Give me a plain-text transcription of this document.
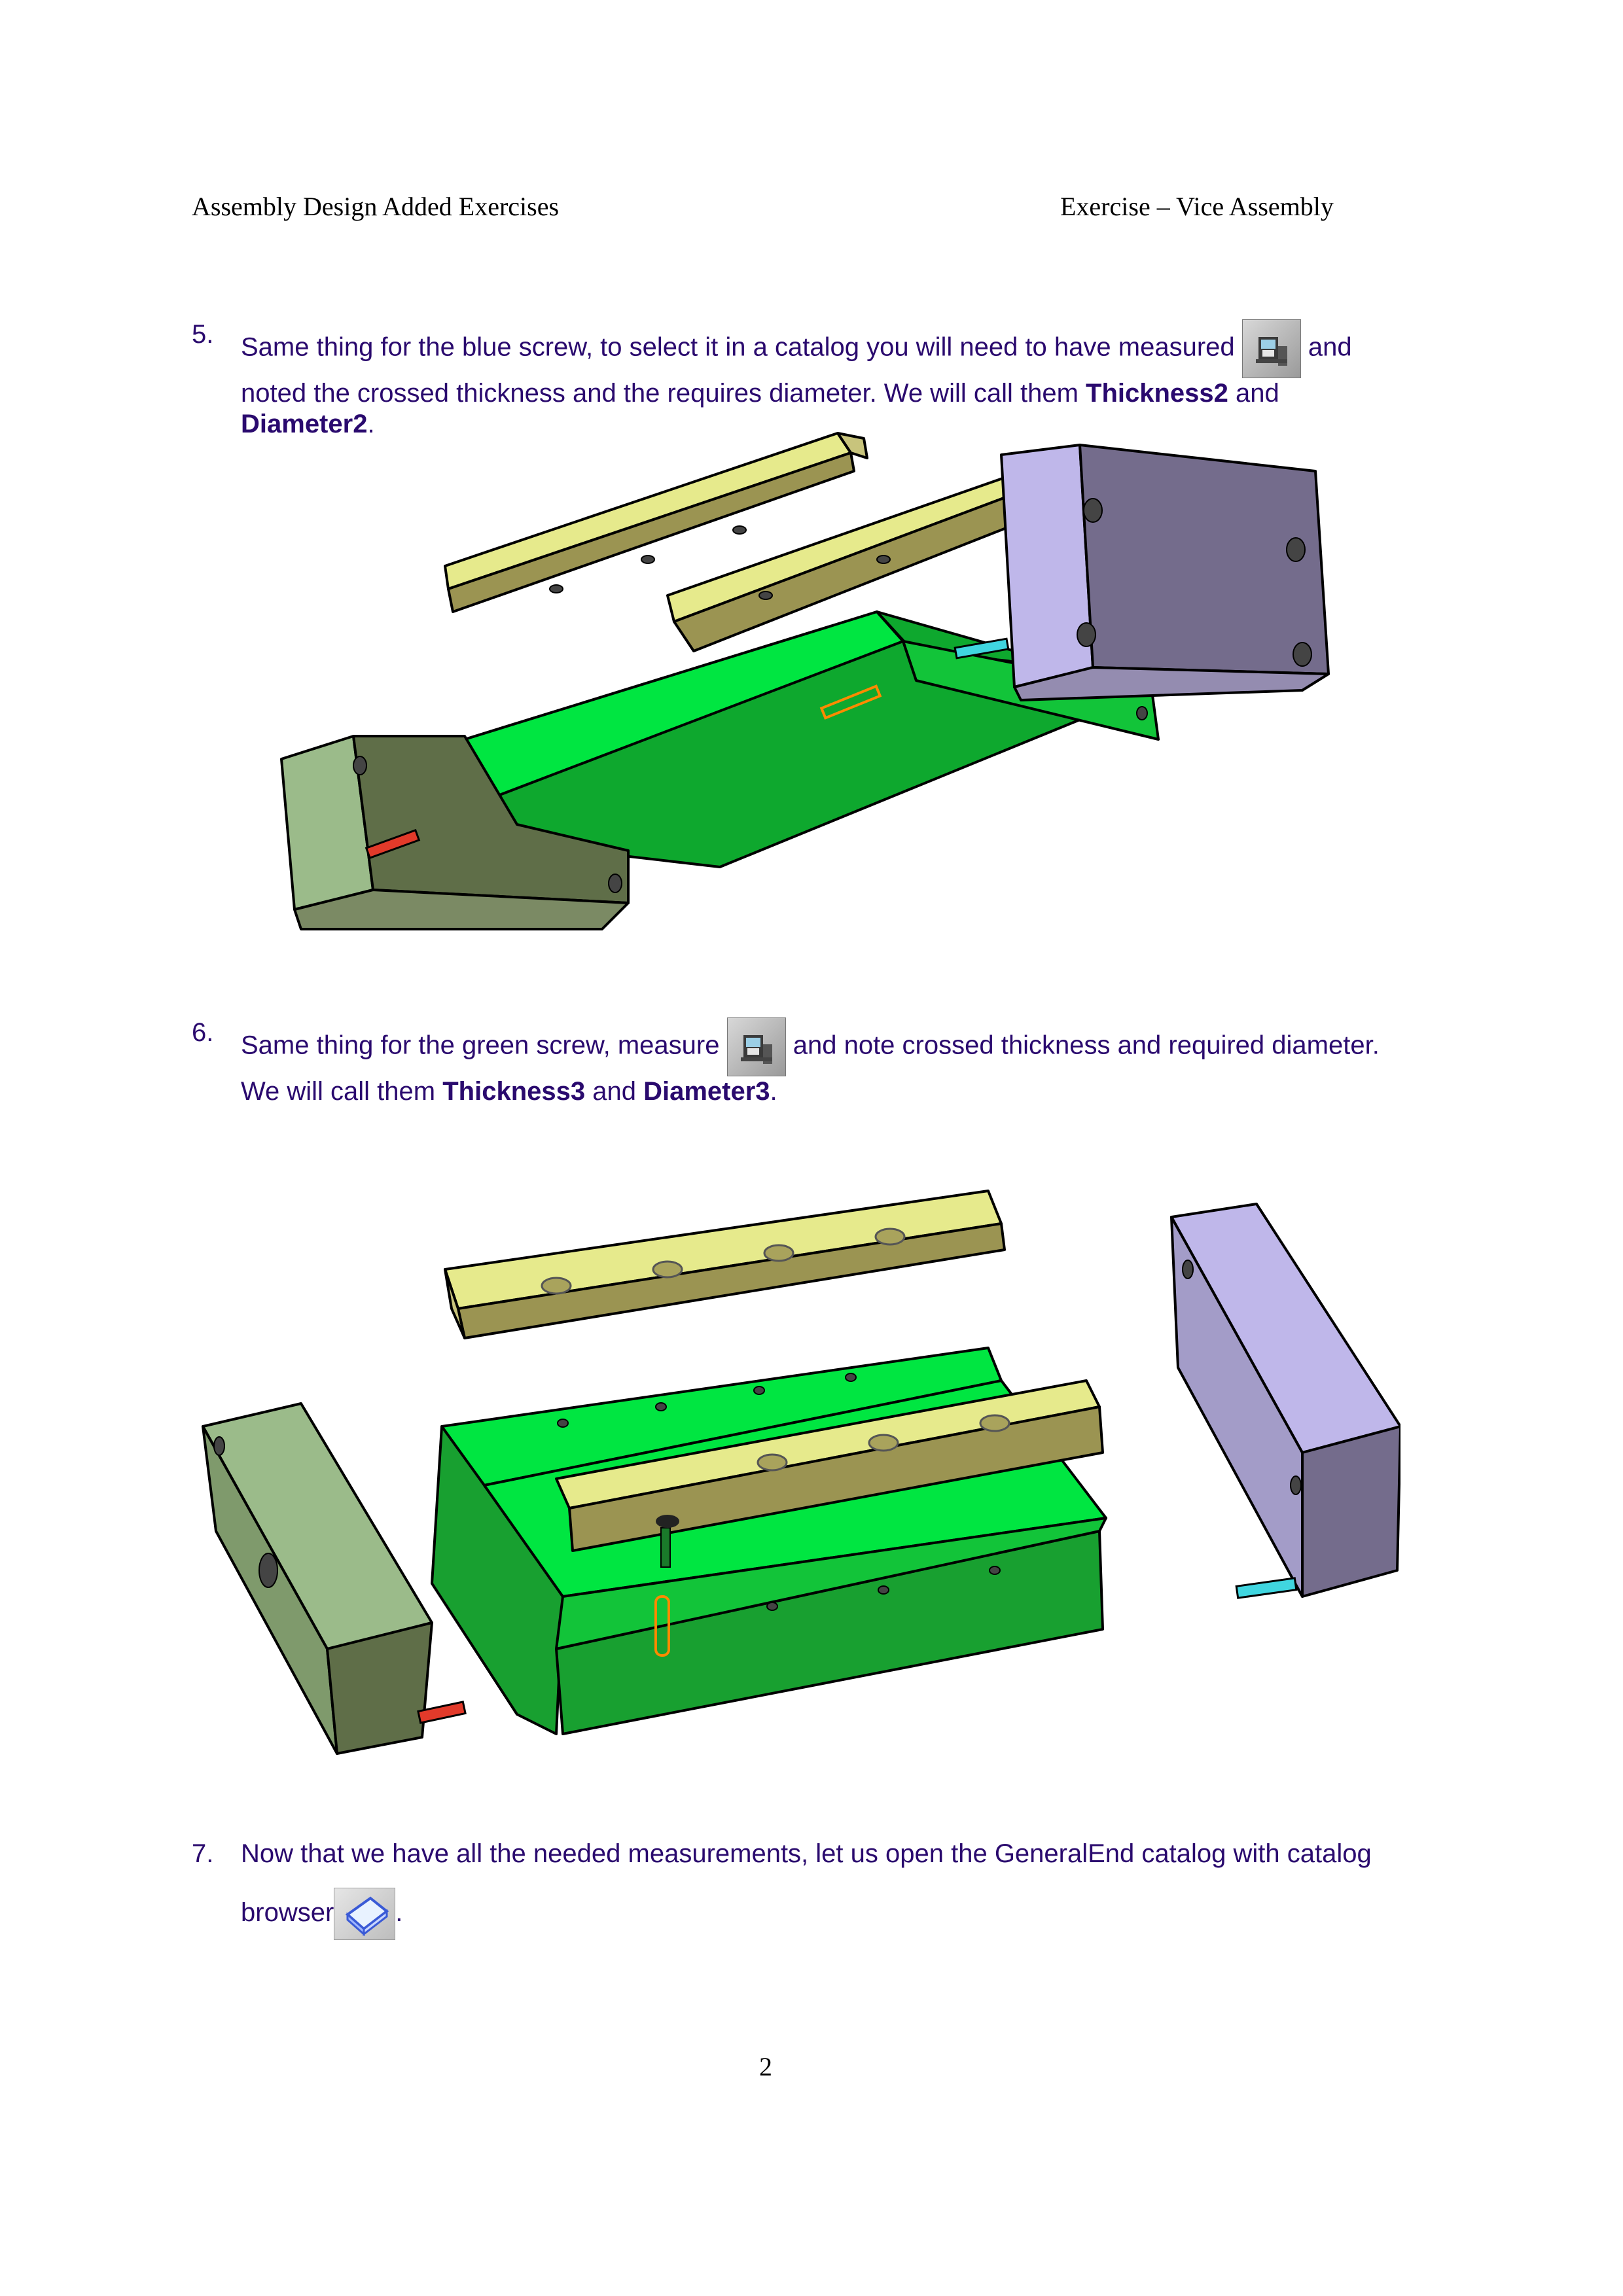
Assembly Design Added Exercises	Exercise – Vice Assembly
5. Same thing for the blue screw, to select it in a catalog you will need to have measured	and
noted the crossed thickness and the requires diameter. We will call them Thickness2 and
Diameter2.
6. Same thing for the green screw, measure  and note crossed thickness and required diameter.
We will call them Thickness3 and Diameter3.
7. Now that we have all the needed measurements, let us open the GeneralEnd catalog with catalog
browser .
2
